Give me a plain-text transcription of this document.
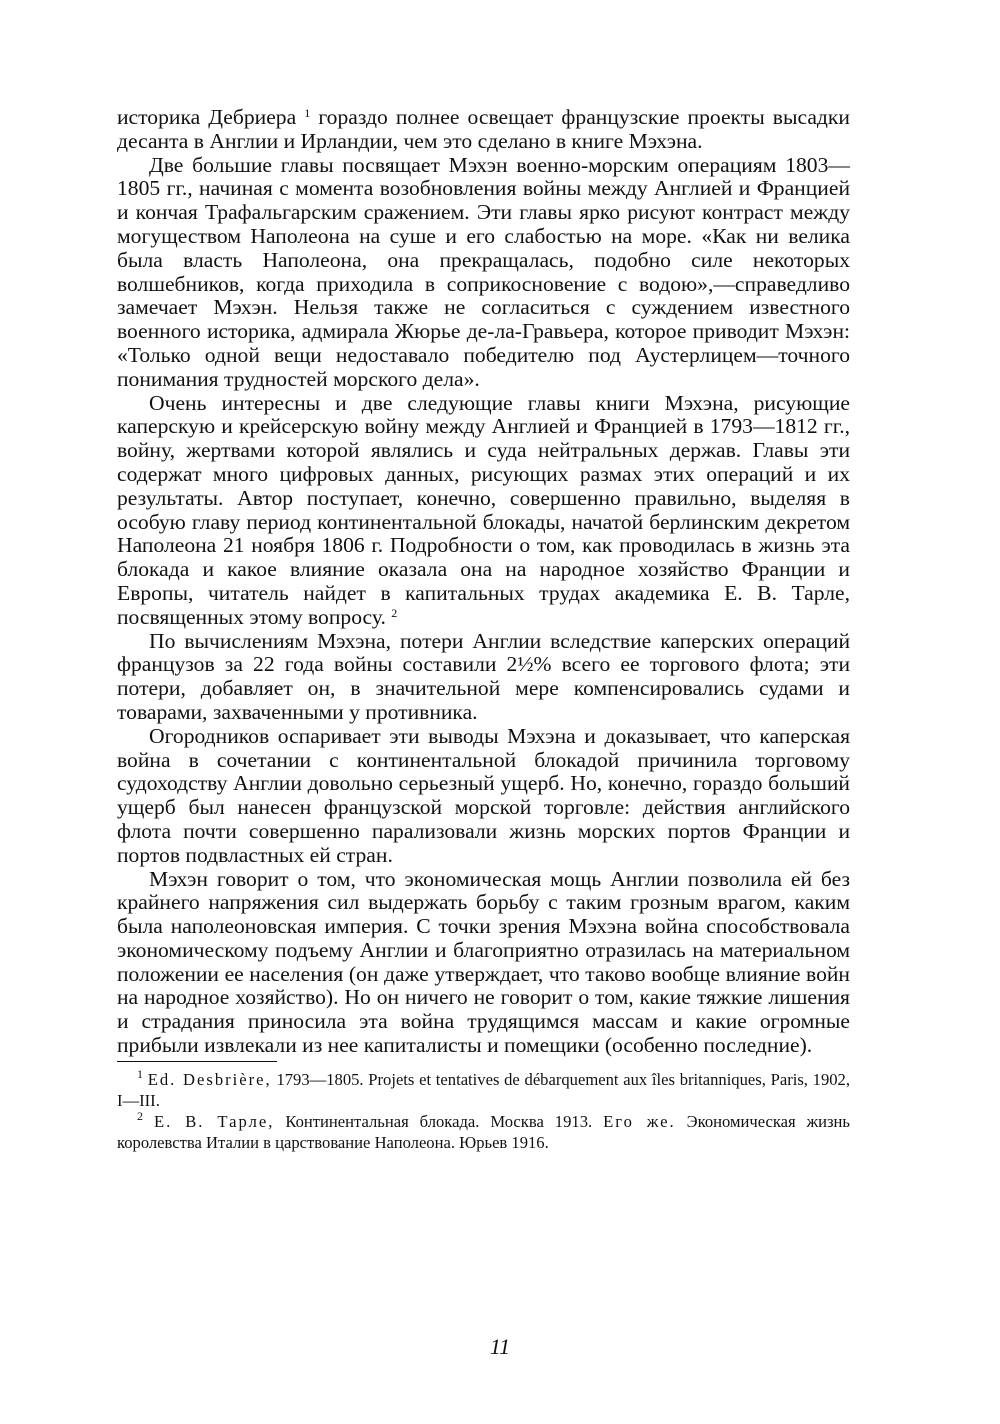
историка Дебриера $^1$ гораздо полнее освещает французские проекты высадки десанта в Англии и Ирландии, чем это сделано в книге Мэхэна.

Две большие главы посвящает Мэхэн военно-морским операциям 1803—1805 гг., начиная с момента возобновления войны между Англией и Францией и кончая Трафальгарским сражением. Эти главы ярко рисуют контраст между могуществом Наполеона на суше и его слабостью на море. «Как ни велика была власть Наполеона, она прекращалась, подобно силе некоторых волшебников, когда приходила в соприкосновение с водою»,—справедливо замечает Мэхэн. Нельзя также не согласиться с суждением известного военного историка, адмирала Жюрье де-ла-Гравьера, которое приводит Мэхэн: «Только одной вещи недоставало победителю под Аустерлицем—точного понимания трудностей морского дела».

Очень интересны и две следующие главы книги Мэхэна, рисующие каперскую и крейсерскую войну между Англией и Францией в 1793—1812 гг., войну, жертвами которой являлись и суда нейтральных держав. Главы эти содержат много цифровых данных, рисующих размах этих операций и их результаты. Автор поступает, конечно, совершенно правильно, выделяя в особую главу период континентальной блокады, начатой берлинским декретом Наполеона 21 ноября 1806 г. Подробности о том, как проводилась в жизнь эта блокада и какое влияние оказала она на народное хозяйство Франции и Европы, читатель найдет в капитальных трудах академика Е. В. Тарле, посвященных этому вопросу. $^2$

По вычислениям Мэхэна, потери Англии вследствие каперских операций французов за 22 года войны составили 2½% всего ее торгового флота; эти потери, добавляет он, в значительной мере компенсировались судами и товарами, захваченными у противника.

Огородников оспаривает эти выводы Мэхэна и доказывает, что каперская война в сочетании с континентальной блокадой причинила торговому судоходству Англии довольно серьезный ущерб. Но, конечно, гораздо больший ущерб был нанесен французской морской торговле: действия английского флота почти совершенно парализовали жизнь морских портов Франции и портов подвластных ей стран.

Мэхэн говорит о том, что экономическая мощь Англии позволила ей без крайнего напряжения сил выдержать борьбу с таким грозным врагом, каким была наполеоновская империя. С точки зрения Мэхэна война способствовала экономическому подъему Англии и благоприятно отразилась на материальном положении ее населения (он даже утверждает, что таково вообще влияние войн на народное хозяйство). Но он ничего не говорит о том, какие тяжкие лишения и страдания приносила эта война трудящимся массам и какие огромные прибыли извлекали из нее капиталисты и помещики (особенно последние).

$^1$ Ed. Desbrière, 1793—1805. Projets et tentatives de débarquement aux îles britanniques, Paris, 1902, I—III.

$^2$ Е. В. Тарле, Континентальная блокада. Москва 1913. Его же. Экономическая жизнь королевства Италии в царствование Наполеона. Юрьев 1916.

11
